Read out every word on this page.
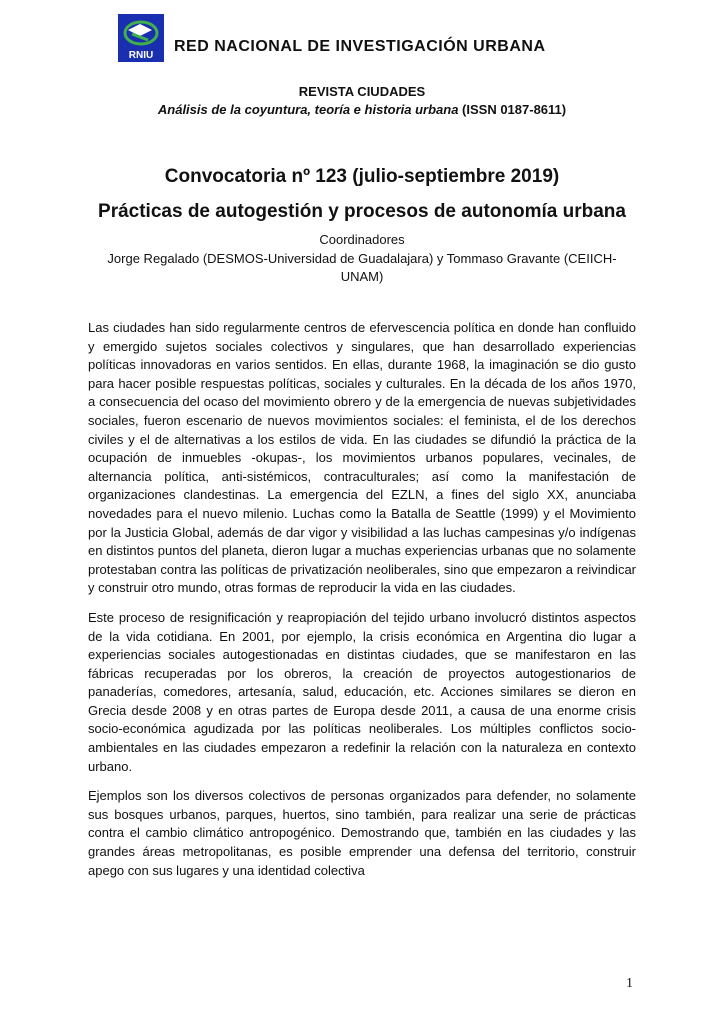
RNIU
RED NACIONAL DE INVESTIGACIÓN URBANA
REVISTA CIUDADES
Análisis de la coyuntura, teoría e historia urbana (ISSN 0187-8611)
Convocatoria nº 123 (julio-septiembre 2019)
Prácticas de autogestión y procesos de autonomía urbana
Coordinadores
Jorge Regalado (DESMOS-Universidad de Guadalajara) y Tommaso Gravante (CEIICH-UNAM)

Las ciudades han sido regularmente centros de efervescencia política en donde han confluido y emergido sujetos sociales colectivos y singulares, que han desarrollado experiencias políticas innovadoras en varios sentidos. En ellas, durante 1968, la imaginación se dio gusto para hacer posible respuestas políticas, sociales y culturales. En la década de los años 1970, a consecuencia del ocaso del movimiento obrero y de la emergencia de nuevas subjetividades sociales, fueron escenario de nuevos movimientos sociales: el feminista, el de los derechos civiles y el de alternativas a los estilos de vida. En las ciudades se difundió la práctica de la ocupación de inmuebles -okupas-, los movimientos urbanos populares, vecinales, de alternancia política, anti-sistémicos, contraculturales; así como la manifestación de organizaciones clandestinas. La emergencia del EZLN, a fines del siglo XX, anunciaba novedades para el nuevo milenio. Luchas como la Batalla de Seattle (1999) y el Movimiento por la Justicia Global, además de dar vigor y visibilidad a las luchas campesinas y/o indígenas en distintos puntos del planeta, dieron lugar a muchas experiencias urbanas que no solamente protestaban contra las políticas de privatización neoliberales, sino que empezaron a reivindicar y construir otro mundo, otras formas de reproducir la vida en las ciudades.

Este proceso de resignificación y reapropiación del tejido urbano involucró distintos aspectos de la vida cotidiana. En 2001, por ejemplo, la crisis económica en Argentina dio lugar a experiencias sociales autogestionadas en distintas ciudades, que se manifestaron en las fábricas recuperadas por los obreros, la creación de proyectos autogestionarios de panaderías, comedores, artesanía, salud, educación, etc. Acciones similares se dieron en Grecia desde 2008 y en otras partes de Europa desde 2011, a causa de una enorme crisis socio-económica agudizada por las políticas neoliberales. Los múltiples conflictos socio-ambientales en las ciudades empezaron a redefinir la relación con la naturaleza en contexto urbano.

Ejemplos son los diversos colectivos de personas organizados para defender, no solamente sus bosques urbanos, parques, huertos, sino también, para realizar una serie de prácticas contra el cambio climático antropogénico. Demostrando que, también en las ciudades y las grandes áreas metropolitanas, es posible emprender una defensa del territorio, construir apego con sus lugares y una identidad colectiva

1
